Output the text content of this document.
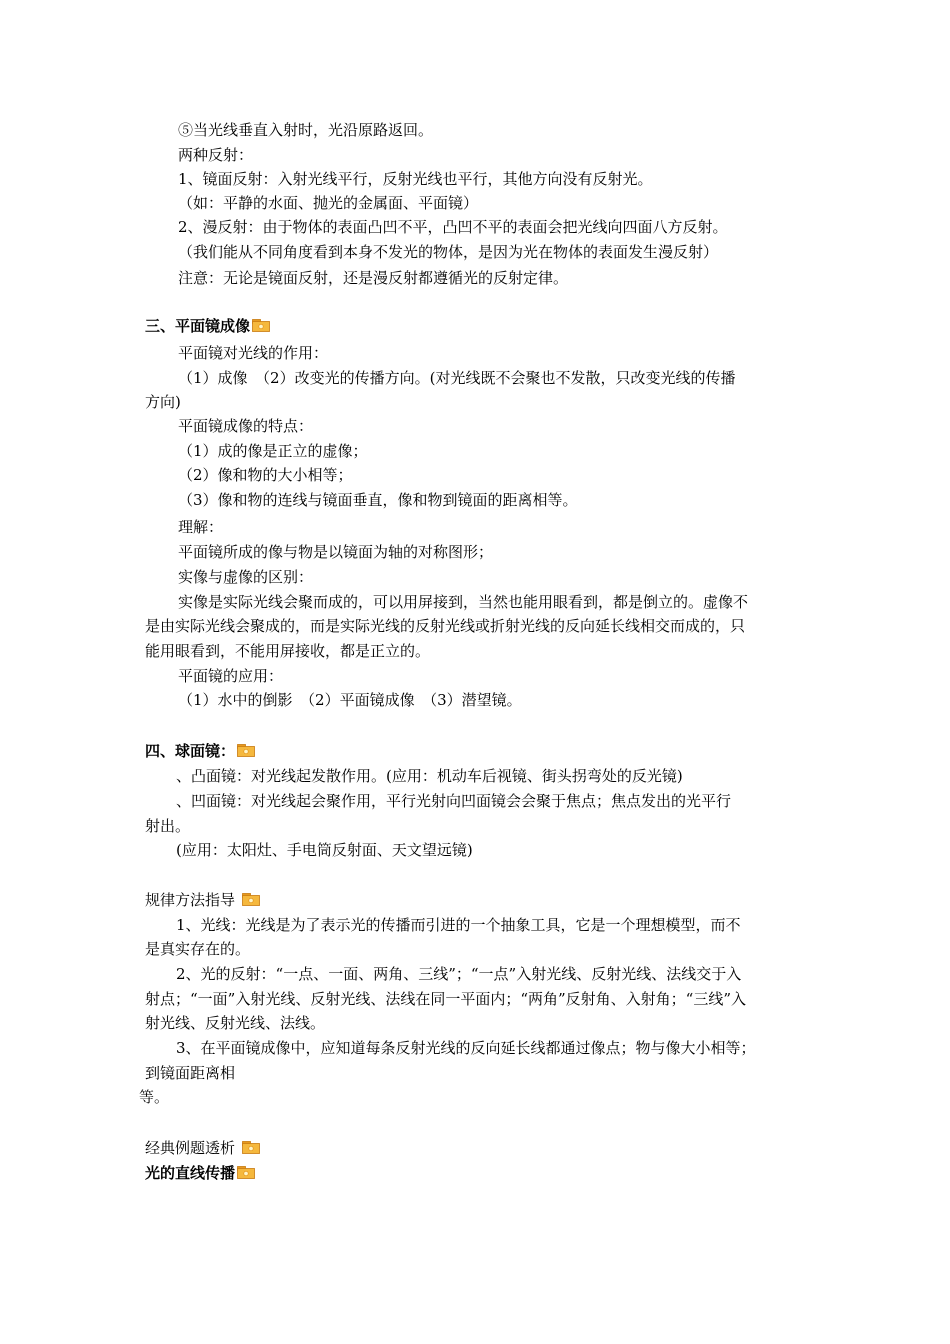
⑤当光线垂直入射时，光沿原路返回。
两种反射：
1、镜面反射：入射光线平行，反射光线也平行，其他方向没有反射光。
（如：平静的水面、抛光的金属面、平面镜）
2、漫反射：由于物体的表面凸凹不平，凸凹不平的表面会把光线向四面八方反射。
（我们能从不同角度看到本身不发光的物体，是因为光在物体的表面发生漫反射）
注意：无论是镜面反射，还是漫反射都遵循光的反射定律。
三、平面镜成像
平面镜对光线的作用：
（1）成像　（2）改变光的传播方向。(对光线既不会聚也不发散，只改变光线的传播
方向)
平面镜成像的特点：
（1）成的像是正立的虚像；
（2）像和物的大小相等；
（3）像和物的连线与镜面垂直，像和物到镜面的距离相等。
理解：
平面镜所成的像与物是以镜面为轴的对称图形；
实像与虚像的区别：
实像是实际光线会聚而成的，可以用屏接到，当然也能用眼看到，都是倒立的。虚像不
是由实际光线会聚成的，而是实际光线的反射光线或折射光线的反向延长线相交而成的，只
能用眼看到，不能用屏接收，都是正立的。
平面镜的应用：
（1）水中的倒影　（2）平面镜成像　（3）潜望镜。
四、球面镜：
、凸面镜：对光线起发散作用。(应用：机动车后视镜、街头拐弯处的反光镜)
、凹面镜：对光线起会聚作用，平行光射向凹面镜会会聚于焦点；焦点发出的光平行
射出。
(应用：太阳灶、手电筒反射面、天文望远镜)
规律方法指导
1、光线：光线是为了表示光的传播而引进的一个抽象工具，它是一个理想模型，而不
是真实存在的。
2、光的反射：“一点、一面、两角、三线”；“一点”入射光线、反射光线、法线交于入
射点；“一面”入射光线、反射光线、法线在同一平面内；“两角”反射角、入射角；“三线”入
射光线、反射光线、法线。
3、在平面镜成像中，应知道每条反射光线的反向延长线都通过像点；物与像大小相等；
到镜面距离相
等。
经典例题透析
光的直线传播
